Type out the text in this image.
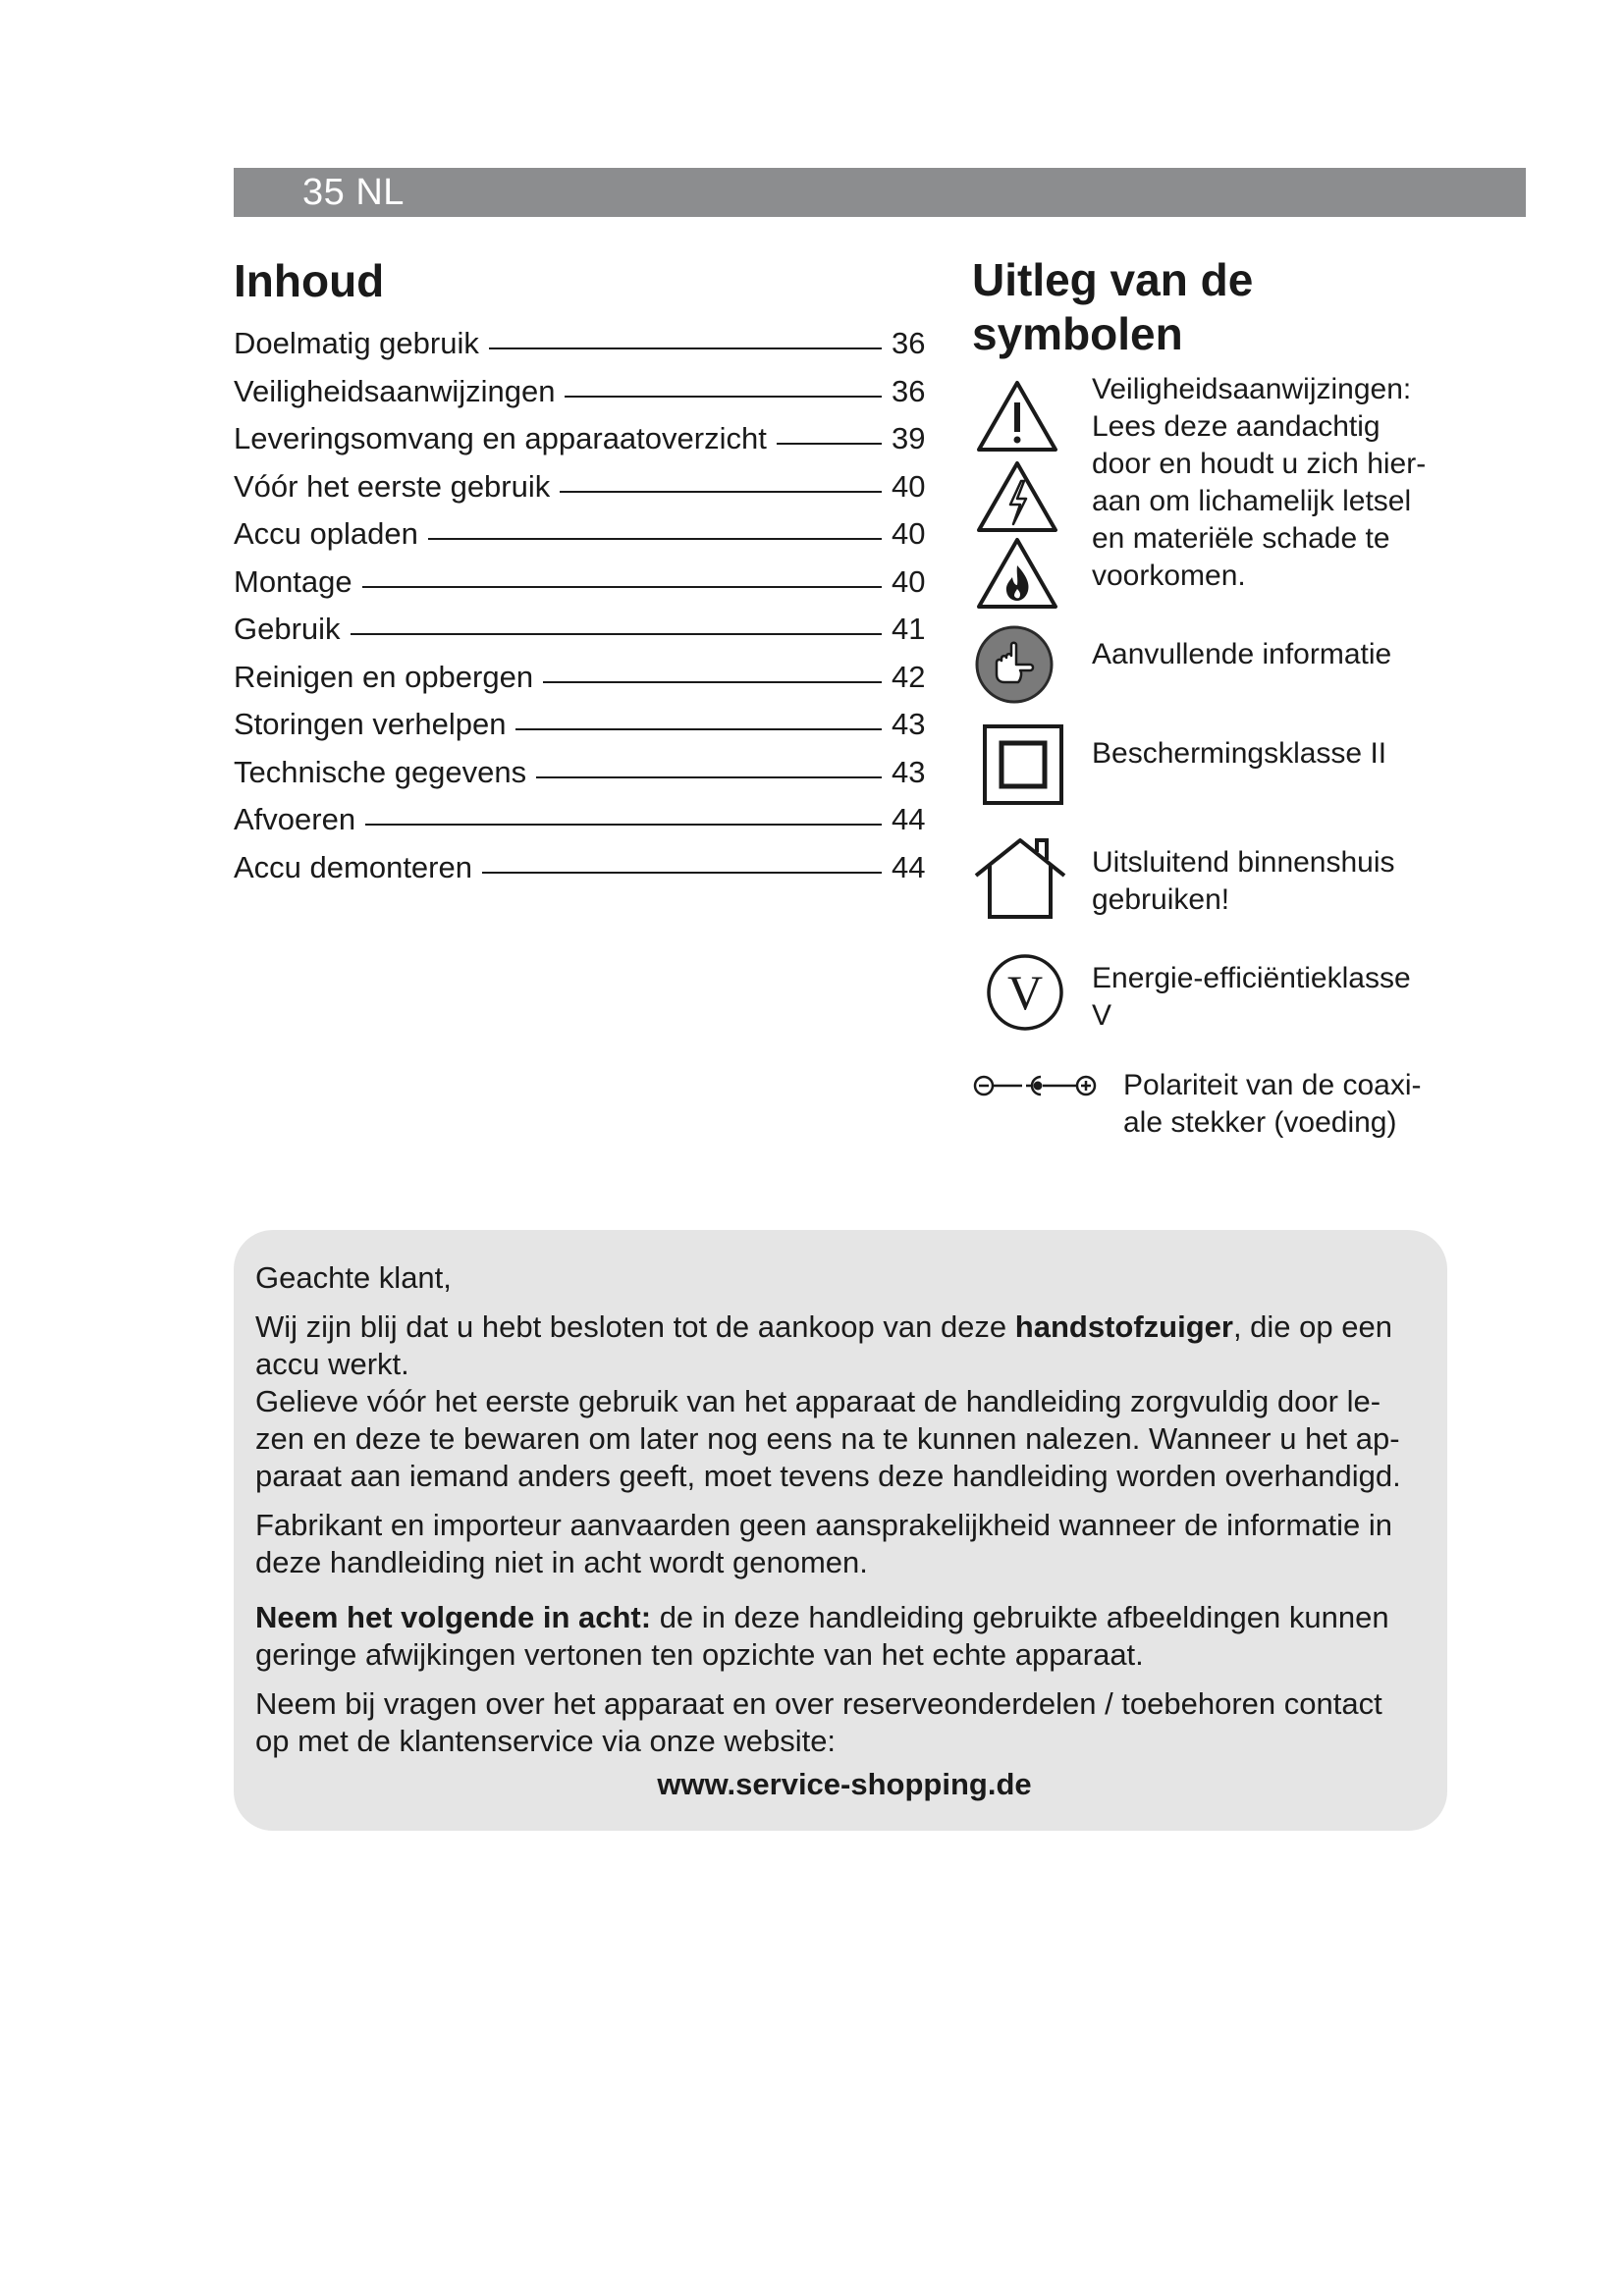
35 NL
Inhoud
Doelmatig gebruik	36
Veiligheidsaanwijzingen	36
Leveringsomvang en apparaatoverzicht	39
Vóór het eerste gebruik	40
Accu opladen	40
Montage	40
Gebruik	41
Reinigen en opbergen	42
Storingen verhelpen	43
Technische gegevens	43
Afvoeren	44
Accu demonteren	44
Uitleg van de
symbolen
Veiligheidsaanwijzingen:
Lees deze aandachtig
door en houdt u zich hier-
aan om lichamelijk letsel
en materiële schade te
voorkomen.
Aanvullende informatie
Beschermingsklasse II
Uitsluitend binnenshuis
gebruiken!
V Energie-efficiëntieklasse
V
Polariteit van de coaxi-
ale stekker (voeding)

Geachte klant,

Wij zijn blij dat u hebt besloten tot de aankoop van deze handstofzuiger, die op een
accu werkt.

Gelieve vóór het eerste gebruik van het apparaat de handleiding zorgvuldig door le-
zen en deze te bewaren om later nog eens na te kunnen nalezen. Wanneer u het ap-
paraat aan iemand anders geeft, moet tevens deze handleiding worden overhandigd.

Fabrikant en importeur aanvaarden geen aansprakelijkheid wanneer de informatie in
deze handleiding niet in acht wordt genomen.

Neem het volgende in acht: de in deze handleiding gebruikte afbeeldingen kunnen
geringe afwijkingen vertonen ten opzichte van het echte apparaat.

Neem bij vragen over het apparaat en over reserveonderdelen / toebehoren contact
op met de klantenservice via onze website:

www.service-shopping.de
